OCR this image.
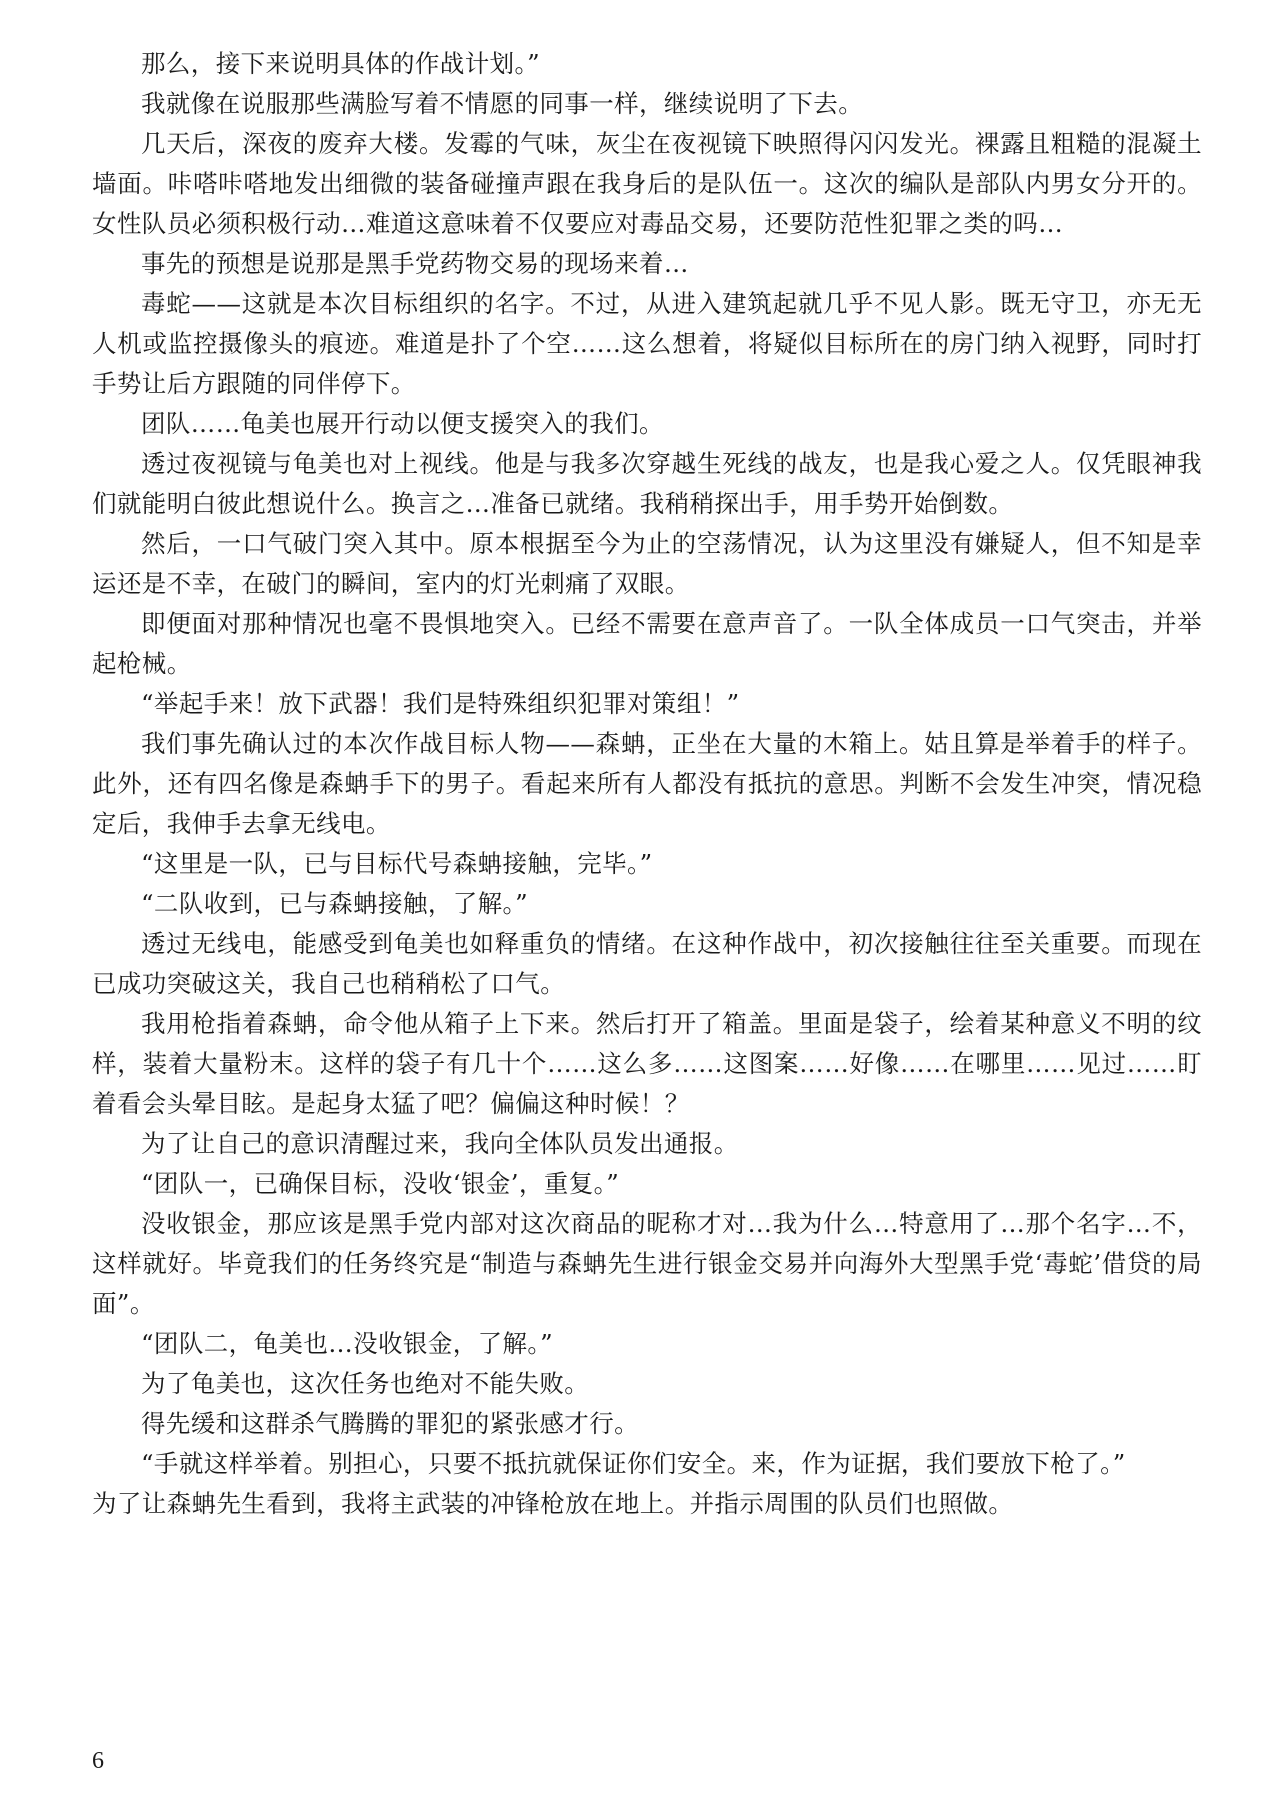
那么，接下来说明具体的作战计划。”

我就像在说服那些满脸写着不情愿的同事一样，继续说明了下去。

几天后，深夜的废弃大楼。发霉的气味，灰尘在夜视镜下映照得闪闪发光。裸露且粗糙的混凝土墙面。咔嗒咔嗒地发出细微的装备碰撞声跟在我身后的是队伍一。这次的编队是部队内男女分开的。女性队员必须积极行动…难道这意味着不仅要应对毒品交易，还要防范性犯罪之类的吗…

事先的预想是说那是黑手党药物交易的现场来着…

毒蛇——这就是本次目标组织的名字。不过，从进入建筑起就几乎不见人影。既无守卫，亦无无人机或监控摄像头的痕迹。难道是扑了个空……这么想着，将疑似目标所在的房门纳入视野，同时打手势让后方跟随的同伴停下。

团队……龟美也展开行动以便支援突入的我们。

透过夜视镜与龟美也对上视线。他是与我多次穿越生死线的战友，也是我心爱之人。仅凭眼神我们就能明白彼此想说什么。换言之…准备已就绪。我稍稍探出手，用手势开始倒数。

然后，一口气破门突入其中。原本根据至今为止的空荡情况，认为这里没有嫌疑人，但不知是幸运还是不幸，在破门的瞬间，室内的灯光刺痛了双眼。

即便面对那种情况也毫不畏惧地突入。已经不需要在意声音了。一队全体成员一口气突击，并举起枪械。

“举起手来！放下武器！我们是特殊组织犯罪对策组！”

我们事先确认过的本次作战目标人物——森蚺，正坐在大量的木箱上。姑且算是举着手的样子。此外，还有四名像是森蚺手下的男子。看起来所有人都没有抵抗的意思。判断不会发生冲突，情况稳定后，我伸手去拿无线电。

“这里是一队，已与目标代号森蚺接触，完毕。”

“二队收到，已与森蚺接触，了解。”

透过无线电，能感受到龟美也如释重负的情绪。在这种作战中，初次接触往往至关重要。而现在已成功突破这关，我自己也稍稍松了口气。

我用枪指着森蚺，命令他从箱子上下来。然后打开了箱盖。里面是袋子，绘着某种意义不明的纹样，装着大量粉末。这样的袋子有几十个……这么多……这图案……好像……在哪里……见过……盯着看会头晕目眩。是起身太猛了吧？偏偏这种时候！？

为了让自己的意识清醒过来，我向全体队员发出通报。

“团队一，已确保目标，没收‘银金’，重复。”

没收银金，那应该是黑手党内部对这次商品的昵称才对…我为什么…特意用了…那个名字…不，这样就好。毕竟我们的任务终究是“制造与森蚺先生进行银金交易并向海外大型黑手党‘毒蛇’借贷的局面”。

“团队二，龟美也…没收银金，了解。”

为了龟美也，这次任务也绝对不能失败。

得先缓和这群杀气腾腾的罪犯的紧张感才行。

“手就这样举着。别担心，只要不抵抗就保证你们安全。来，作为证据，我们要放下枪了。”

为了让森蚺先生看到，我将主武装的冲锋枪放在地上。并指示周围的队员们也照做。

6
